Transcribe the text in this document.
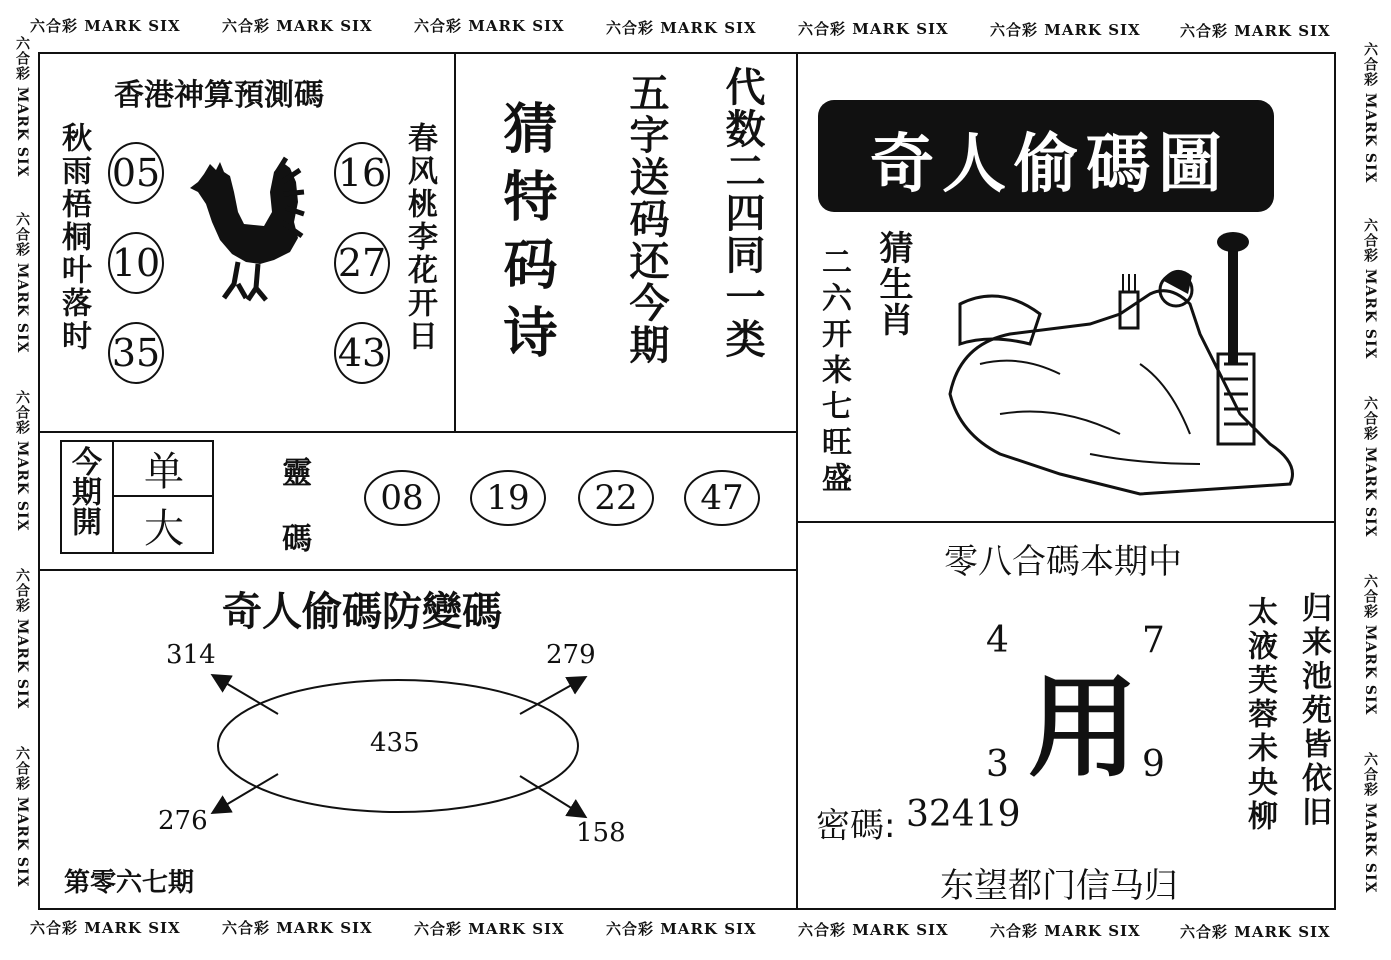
六合彩 MARK SIX	六合彩 MARK SIX	六合彩 MARK SIX	六合彩 MARK SIX	六合彩 MARK SIX	六合彩 MARK SIX	六合彩 MARK SIX
六合彩 MARK SIX	六合彩 MARK SIX	六合彩 MARK SIX	六合彩 MARK SIX	六合彩 MARK SIX	六合彩 MARK SIX	六合彩 MARK SIX
六合彩 MARK SIX
六合彩 MARK SIX
六合彩 MARK SIX
六合彩 MARK SIX
六合彩 MARK SIX
六合彩 MARK SIX
六合彩 MARK SIX
六合彩 MARK SIX
六合彩 MARK SIX
六合彩 MARK SIX
香港神算預測碼
秋雨梧桐叶落时	春风桃李花开日
05
10
35
16
27
43 猜特码诗 五字送码还今期 代数二四同一类
今期開	单
大
靈
碼
08	19	22	47
奇人偷碼防變碼
435
314	279
276	158
第零六七期
奇人偷碼圖
猜生肖
二六开来七旺盛
零八合碼本期中
用
4	7
3	9
密碼: 32419
东望都门信马归
归来池苑皆依旧
太液芙蓉未央柳
